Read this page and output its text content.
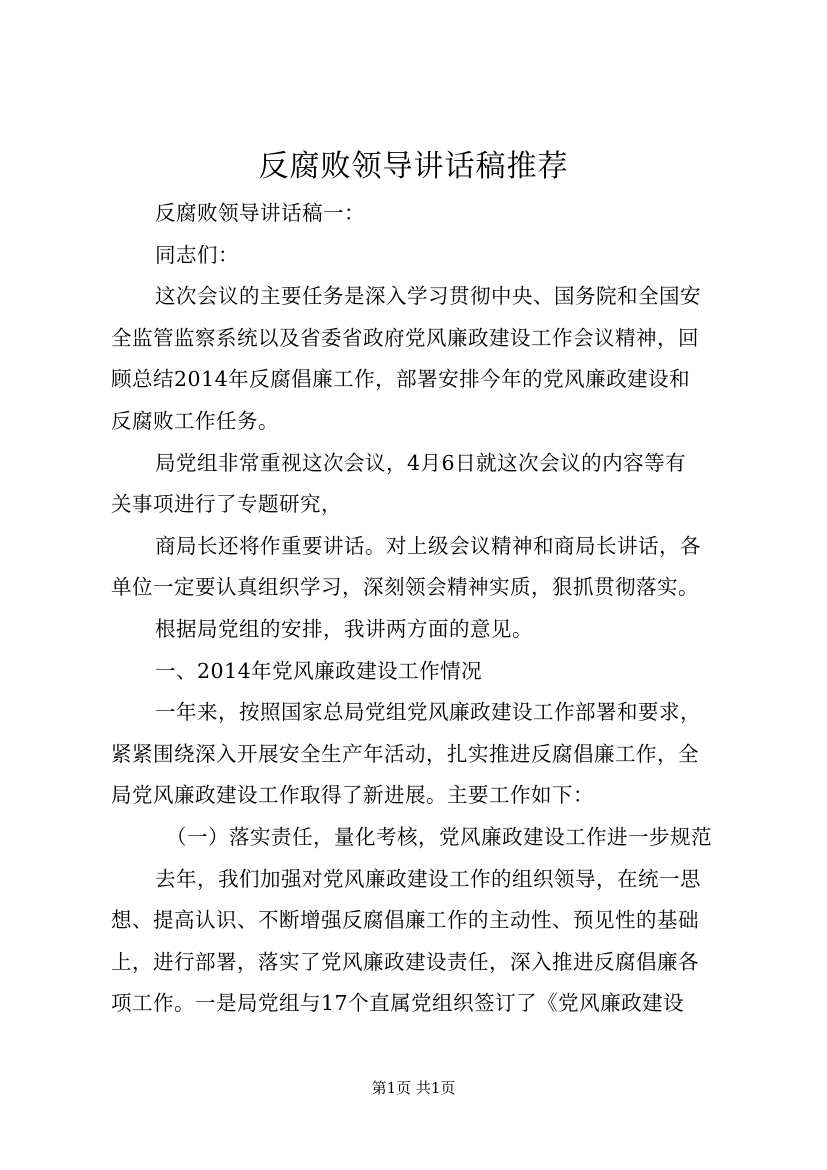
反腐败领导讲话稿推荐
反腐败领导讲话稿一：
同志们：
这次会议的主要任务是深入学习贯彻中央、国务院和全国安
全监管监察系统以及省委省政府党风廉政建设工作会议精神，回
顾总结2014年反腐倡廉工作，部署安排今年的党风廉政建设和
反腐败工作任务。
局党组非常重视这次会议，4月6日就这次会议的内容等有
关事项进行了专题研究，
商局长还将作重要讲话。对上级会议精神和商局长讲话，各
单位一定要认真组织学习，深刻领会精神实质，狠抓贯彻落实。
根据局党组的安排，我讲两方面的意见。
一、2014年党风廉政建设工作情况
一年来，按照国家总局党组党风廉政建设工作部署和要求，
紧紧围绕深入开展安全生产年活动，扎实推进反腐倡廉工作，全
局党风廉政建设工作取得了新进展。主要工作如下：
（一）落实责任，量化考核，党风廉政建设工作进一步规范
去年，我们加强对党风廉政建设工作的组织领导，在统一思
想、提高认识、不断增强反腐倡廉工作的主动性、预见性的基础
上，进行部署，落实了党风廉政建设责任，深入推进反腐倡廉各
项工作。一是局党组与17个直属党组织签订了《党风廉政建设
第1页 共1页
